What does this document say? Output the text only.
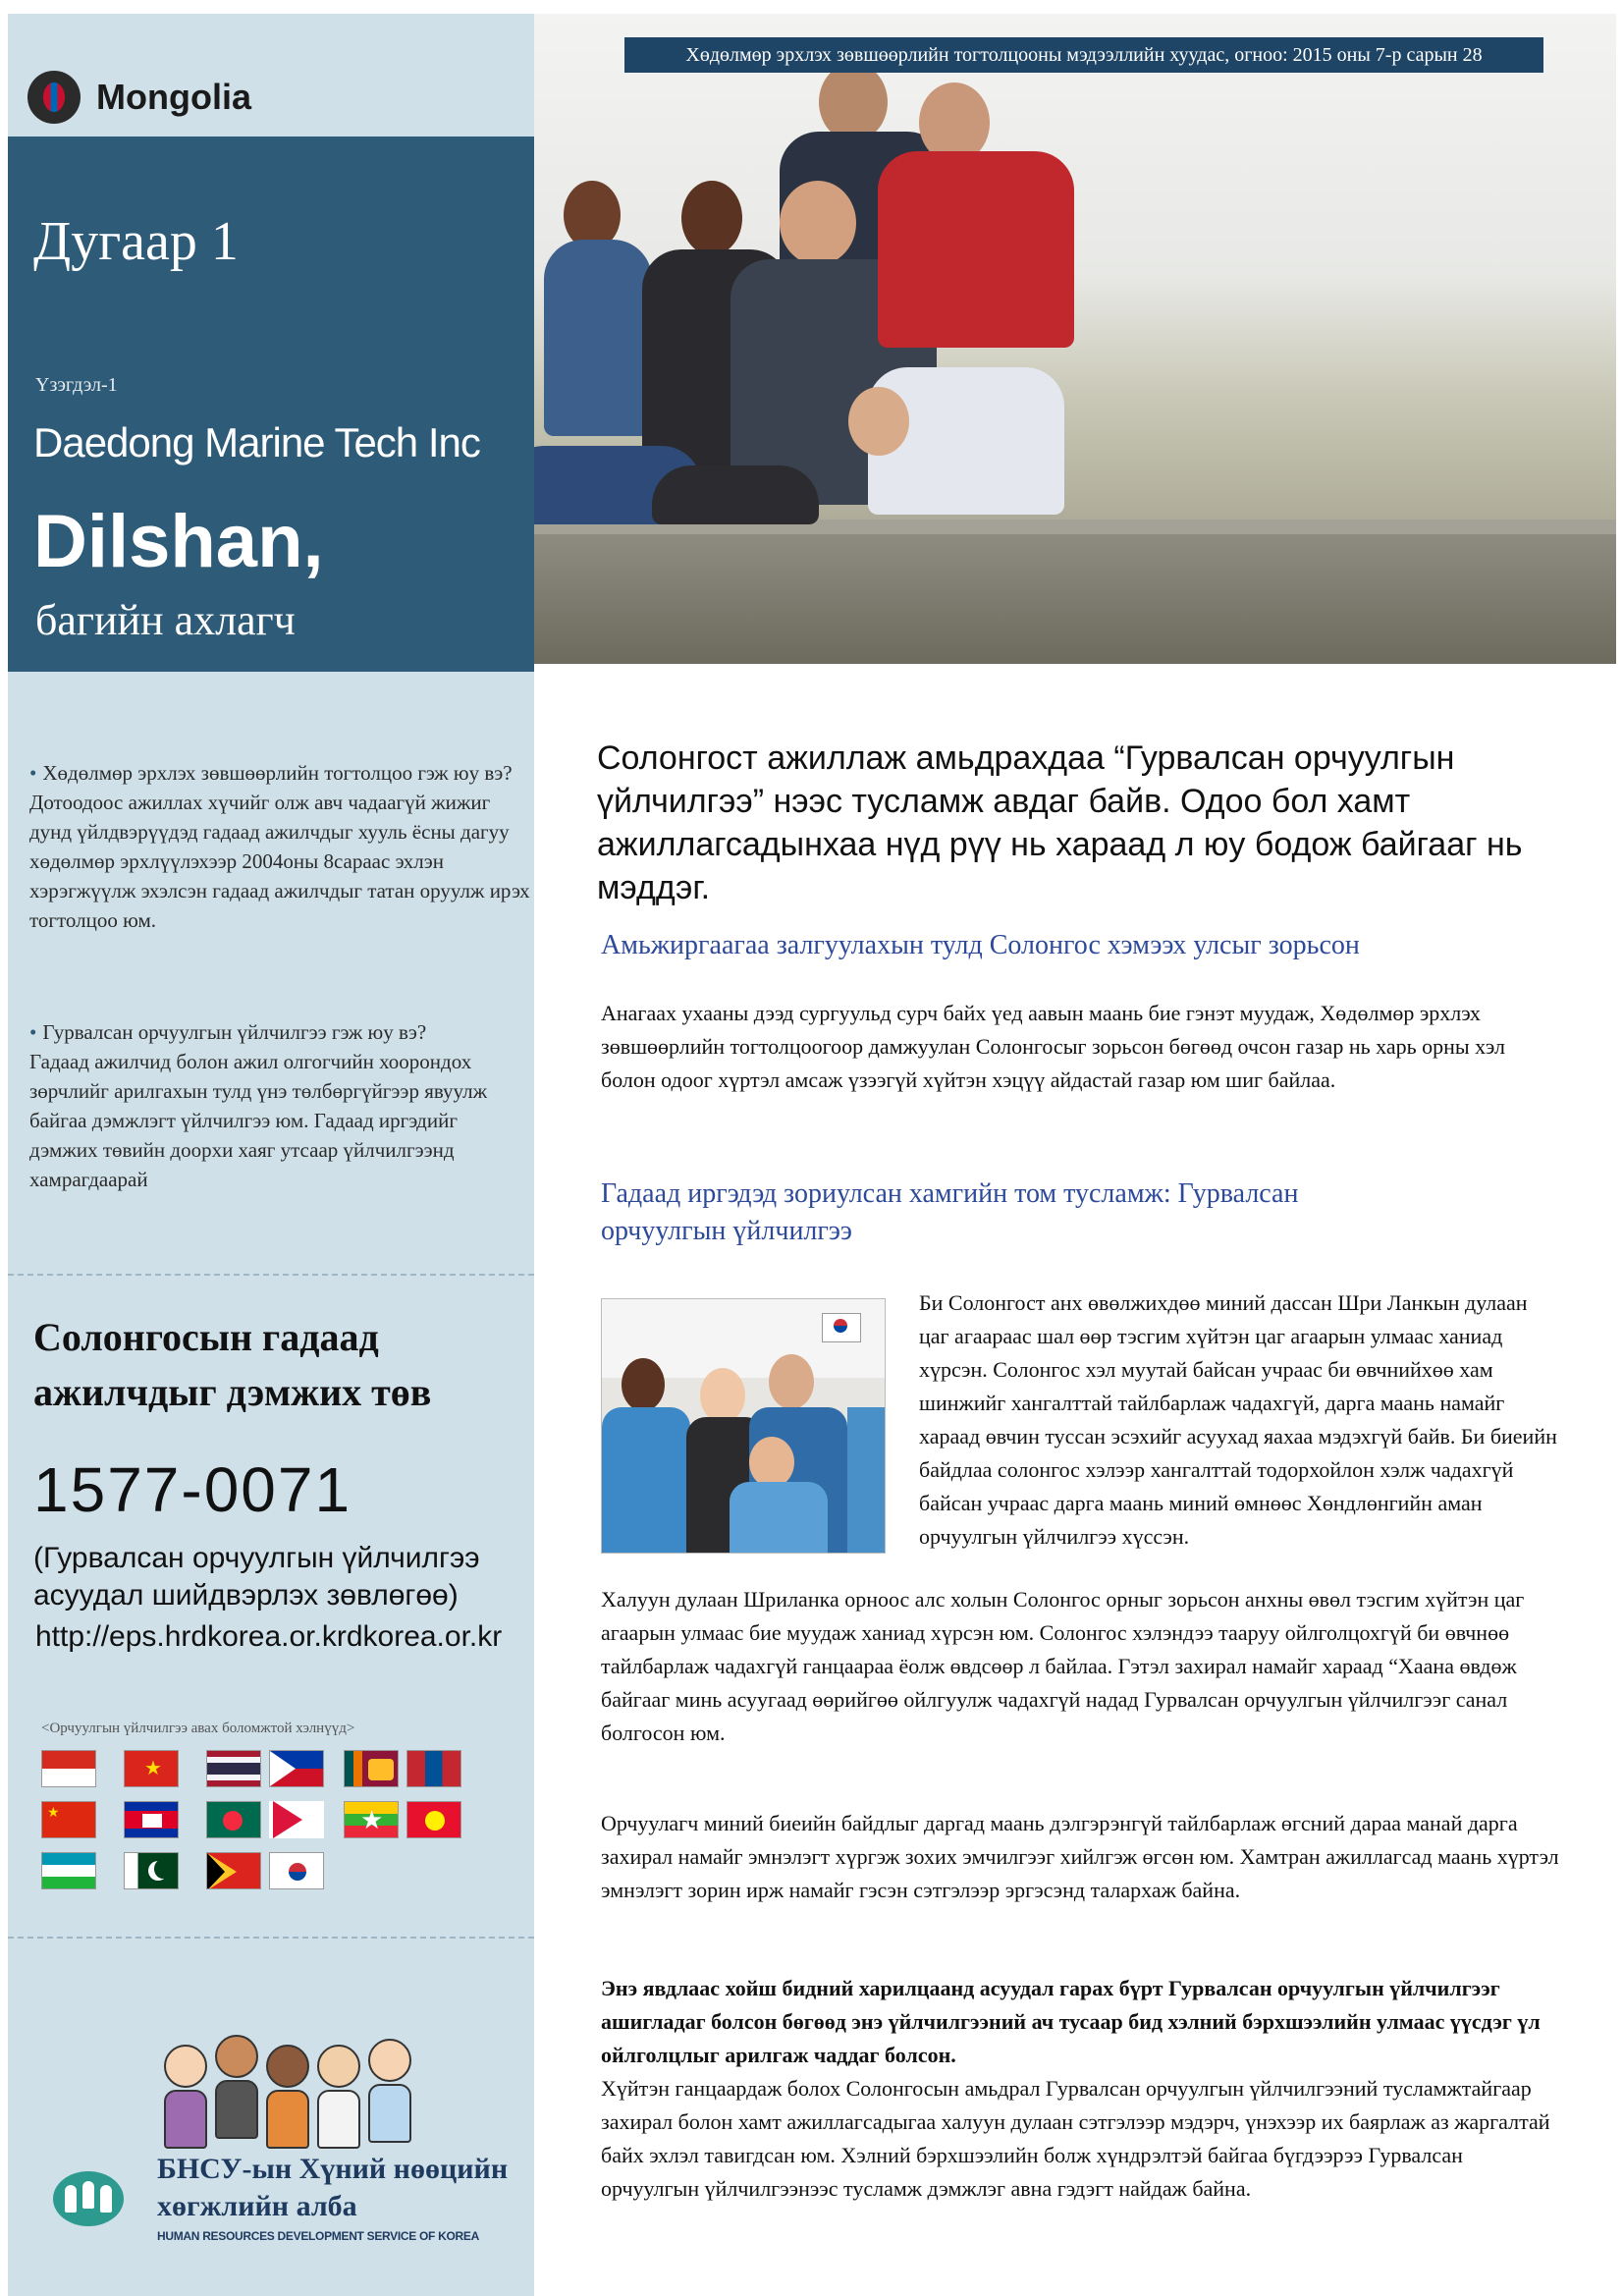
Mongolia
Дугаар 1
Үзэгдэл-1
Daedong Marine Tech Inc
Dilshan,
багийн ахлагч
• Хөдөлмөр эрхлэх зөвшөөрлийн тогтолцоо гэж юу вэ?
Дотоодоос ажиллах хүчийг олж авч чадаагүй жижиг дунд үйлдвэрүүдэд гадаад ажилчдыг хууль ёсны дагуу хөдөлмөр эрхлүүлэхээр 2004оны 8сараас эхлэн хэрэгжүүлж эхэлсэн гадаад ажилчдыг татан оруулж ирэх тогтолцоо юм.
• Гурвалсан орчуулгын үйлчилгээ гэж юу вэ?
Гадаад ажилчид болон ажил олгогчийн хоорондох зөрчлийг арилгахын тулд үнэ төлбөргүйгээр явуулж байгаа дэмжлэгт үйлчилгээ юм. Гадаад иргэдийг дэмжих төвийн доорхи хаяг утсаар үйлчилгээнд хамрагдаарай
Солонгосын гадаад ажилчдыг дэмжих төв
1577-0071
(Гурвалсан орчуулгын үйлчилгээ асуудал шийдвэрлэх зөвлөгөө)
http://eps.hrdkorea.or.krdkorea.or.kr
<Орчуулгын үйлчилгээ авах боломжтой хэлнүүд>
★
★	★
БНСУ-ын Хүний нөөцийн хөгжлийн алба
HUMAN RESOURCES DEVELOPMENT SERVICE OF KOREA
Хөдөлмөр эрхлэх зөвшөөрлийн тогтолцооны мэдээллийн хуудас, огноо: 2015 оны 7-р сарын 28
Солонгост ажиллаж амьдрахдаа “Гурвалсан орчуулгын үйлчилгээ” нээс тусламж авдаг байв. Одоо бол хамт ажиллагсадынхаа нүд рүү нь хараад л юу бодож байгааг нь мэддэг.
Амьжиргаагаа залгуулахын тулд Солонгос хэмээх улсыг зорьсон
Анагаах ухааны дээд сургуульд сурч байх үед аавын маань бие гэнэт муудаж, Хөдөлмөр эрхлэх зөвшөөрлийн тогтолцоогоор дамжуулан Солонгосыг зорьсон бөгөөд очсон газар нь харь орны хэл болон одоог хүртэл амсаж үзээгүй хүйтэн хэцүү айдастай газар юм шиг байлаа.
Гадаад иргэдэд зориулсан хамгийн том тусламж: Гурвалсан орчуулгын үйлчилгээ
Би Солонгост анх өвөлжихдөө миний дассан Шри Ланкын дулаан цаг агаараас шал өөр тэсгим хүйтэн цаг агаарын улмаас ханиад хүрсэн. Солонгос хэл муутай байсан учраас би өвчнийхөө хам шинжийг хангалттай тайлбарлаж чадахгүй, дарга маань намайг хараад өвчин туссан эсэхийг асуухад яахаа мэдэхгүй байв. Би биеийн байдлаа солонгос хэлээр хангалттай тодорхойлон хэлж чадахгүй байсан учраас дарга маань миний өмнөөс Хөндлөнгийн аман орчуулгын үйлчилгээ хүссэн.
Халуун дулаан Шриланка орноос алс холын Солонгос орныг зорьсон анхны өвөл тэсгим хүйтэн цаг агаарын улмаас бие муудаж ханиад хүрсэн юм. Солонгос хэлэндээ тааруу ойлголцохгүй би өвчнөө тайлбарлаж чадахгүй ганцаараа ёолж өвдсөөр л байлаа. Гэтэл захирал намайг хараад “Хаана өвдөж байгааг минь асуугаад өөрийгөө ойлгуулж чадахгүй надад Гурвалсан орчуулгын үйлчилгээг санал болгосон юм.
Орчуулагч миний биеийн байдлыг даргад маань дэлгэрэнгүй тайлбарлаж өгсний дараа манай дарга захирал намайг эмнэлэгт хүргэж зохих эмчилгээг хийлгэж өгсөн юм. Хамтран ажиллагсад маань хүртэл эмнэлэгт зорин ирж намайг гэсэн сэтгэлээр эргэсэнд талархаж байна.
Энэ явдлаас хойш бидний харилцаанд асуудал гарах бүрт Гурвалсан орчуулгын үйлчилгээг ашигладаг болсон бөгөөд энэ үйлчилгээний ач тусаар бид хэлний бэрхшээлийн улмаас үүсдэг үл ойлголцлыг арилгаж чаддаг болсон.
Хүйтэн ганцаардаж болох Солонгосын амьдрал Гурвалсан орчуулгын үйлчилгээний тусламжтайгаар захирал болон хамт ажиллагсадыгаа халуун дулаан сэтгэлээр мэдэрч, үнэхээр их баярлаж аз жаргалтай байх эхлэл тавигдсан юм. Хэлний бэрхшээлийн болж хүндрэлтэй байгаа бүгдээрээ Гурвалсан орчуулгын үйлчилгээнээс тусламж дэмжлэг авна гэдэгт найдаж байна.
